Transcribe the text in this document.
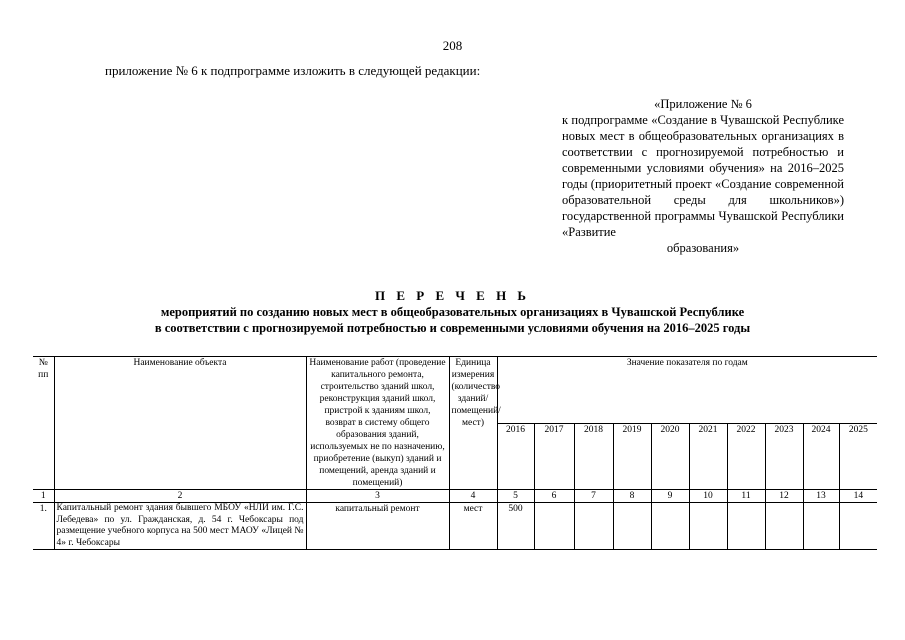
208
приложение № 6 к подпрограмме изложить в следующей редакции:
«Приложение № 6
к подпрограмме «Создание в Чувашской Республике новых мест в общеобразовательных организациях в соответствии с прогнозируемой потребностью и современными условиями обучения» на 2016–2025 годы (приоритетный проект «Создание современной образовательной среды для школьников») государственной программы Чувашской Республики «Развитие
образования»
П Е Р Е Ч Е Н Ь
мероприятий по созданию новых мест в общеобразовательных организациях в Чувашской Республике
в соответствии с прогнозируемой потребностью и современными условиями обучения на 2016–2025 годы
№ пп	Наименование объекта	Наименование работ (проведение капитального ремонта, строительство зданий школ, реконструкция зданий школ, пристрой к зданиям школ, возврат в систему общего образования зданий, используемых не по назначению, приобретение (выкуп) зданий и помещений, аренда зданий и помещений)	Единица измерения (количество зданий/ помещений/ мест)	Значение показателя по годам									
				2016	2017	2018	2019	2020	2021	2022	2023	2024	2025
1	2	3	4	5	6	7	8	9	10	11	12	13	14
1.	Капитальный ремонт здания бывшего МБОУ «НЛИ им. Г.С. Лебедева» по ул. Гражданская, д. 54 г. Чебоксары под размещение учебного корпуса на 500 мест МАОУ «Лицей № 4» г. Чебоксары	капитальный ремонт	мест	500									
